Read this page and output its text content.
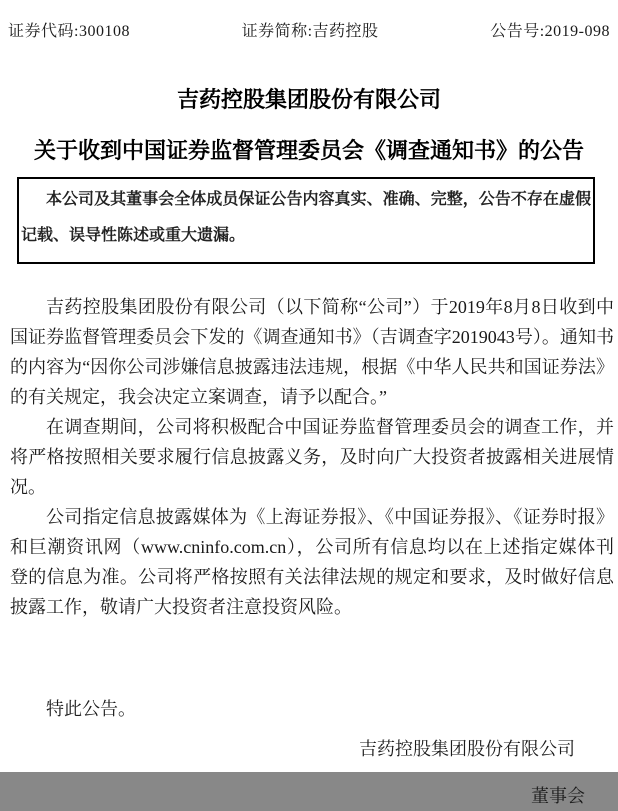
证券代码:300108	证券简称:吉药控股	公告号:2019-098
吉药控股集团股份有限公司
关于收到中国证券监督管理委员会《调查通知书》的公告

本公司及其董事会全体成员保证公告内容真实、准确、完整，公告不存在虚假记载、误导性陈述或重大遗漏。

吉药控股集团股份有限公司（以下简称“公司”）于2019年8月8日收到中国证券监督管理委员会下发的《调查通知书》（吉调查字2019043号）。通知书的内容为“因你公司涉嫌信息披露违法违规，根据《中华人民共和国证券法》的有关规定，我会决定立案调查，请予以配合。”

在调查期间，公司将积极配合中国证券监督管理委员会的调查工作，并将严格按照相关要求履行信息披露义务，及时向广大投资者披露相关进展情况。

公司指定信息披露媒体为《上海证券报》、《中国证券报》、《证券时报》和巨潮资讯网（www.cninfo.com.cn），公司所有信息均以在上述指定媒体刊登的信息为准。公司将严格按照有关法律法规的规定和要求，及时做好信息披露工作，敬请广大投资者注意投资风险。

特此公告。
吉药控股集团股份有限公司
董事会
